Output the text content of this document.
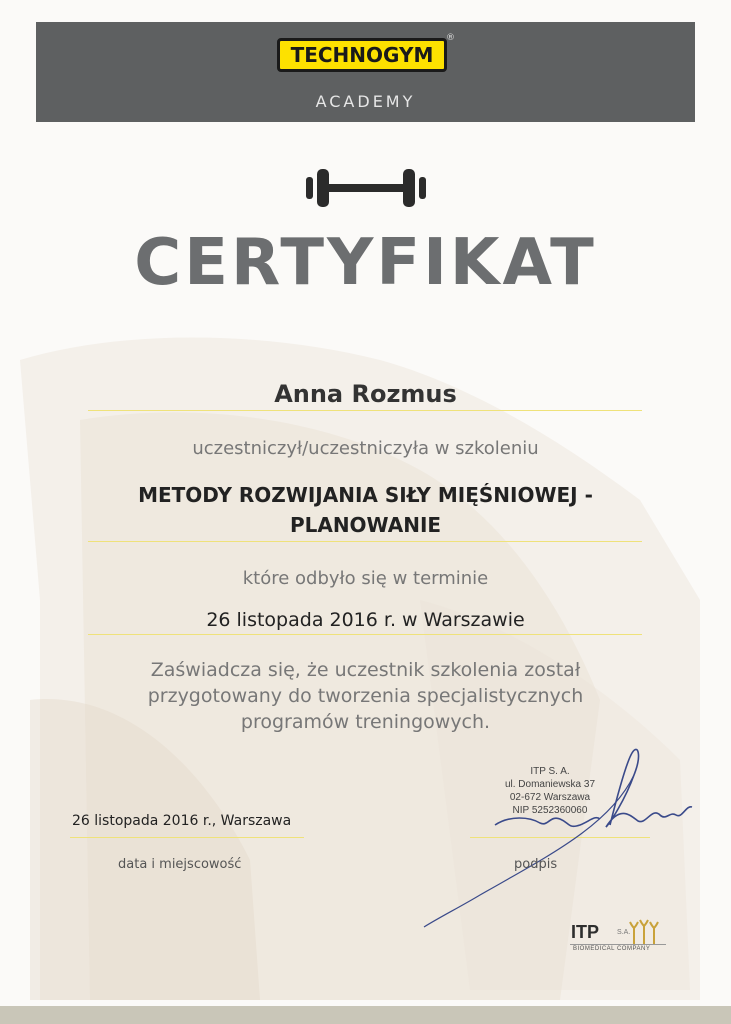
TECHNOGYM
®
ACADEMY
CERTYFIKAT
Anna Rozmus
uczestniczył/uczestniczyła w szkoleniu
METODY ROZWIJANIA SIŁY MIĘŚNIOWEJ -
PLANOWANIE
które odbyło się w terminie
26 listopada 2016 r. w Warszawie
Zaświadcza się, że uczestnik szkolenia został
przygotowany do tworzenia specjalistycznych
programów treningowych.
26 listopada 2016 r., Warszawa
data i miejscowość
ITP S. A.
ul. Domaniewska 37
02-672 Warszawa
NIP 5252360060
podpis
ITP	S.A.
BIOMEDICAL COMPANY
